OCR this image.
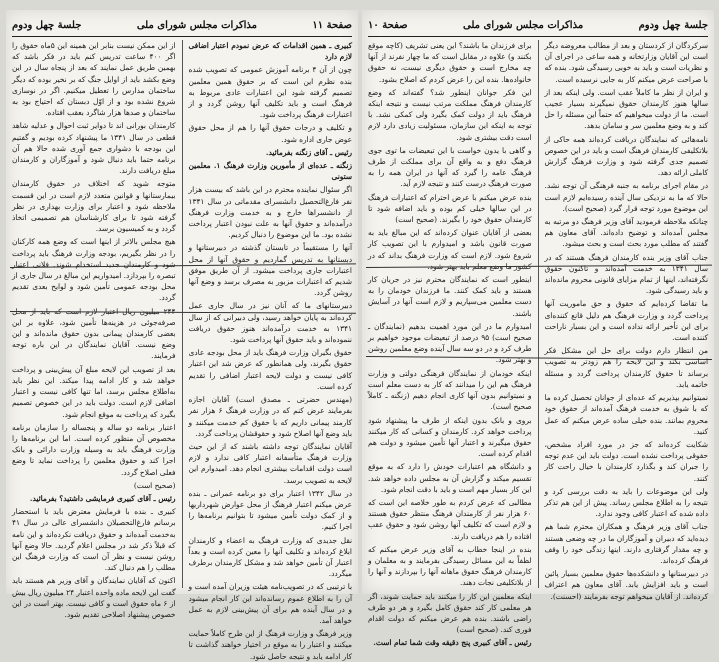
صفحة ۱۱
مذاكرات مجلس شوراى ملى
جلسة چهل ودوم

کبیری ـ همین اقدامات که عرض نمودم اعتبار اضافی لازم دارد

چون از آن ۴ برنامه آموزش عمومی که تصویب شده بنده نظرم این است که بر حقوق همین معلمین تصمیم گرفته شود این اعتبارات عادی مربوط به فرهنگ است و باید تکلیف آنها روشن گردد و از اعتبارات فرهنگ پرداخت شود.

و تکلیف و درجات حقوق آنها را هم از محل حقوق عوض جاری اداره شود.

رئیس ـ آقای زنگنه بفرمائید.

زنگنه ـ عده‌ای از مأمورین وزارت فرهنگ ۱. معلمین ستونی

اگر سئوال نماینده محترم در این باشد که بیست هزار نفر فارغ‌التحصیل دانشسرای مقدماتی در سال ۱۳۴۱ از دانشسراها خارج و به خدمت وزارت فرهنگ درآمده‌اند و حقوق آنها به علت نبودن اعتبار پرداخت نشده بود. ما این موضوع را دنبال کردیم.

آنها را مستقیماً در تابستان گذشته در دبیرستانها و دبستانها به تدریس گماردیم و حقوق آنها از محل اعتبارات جاری پرداخت میشود. از آن طریق موفق شدیم که اعتبارات مزبور به مصرف برسد و وضع آنها روشن گردد.

دبیرستانهای ما که آنان نیز در سال جاری عمل کرده‌اند به پایان خواهد رسید، ولی دبیرانی که از سال ۱۳۴۱ به خدمت درآمده‌اند هنوز حقوق دریافت ننموده‌اند و باید حقوق آنها پرداخت شود.

حقوق بگیران وزارت فرهنگ باید از محل بودجه عادی حقوق بگیرند، ولی همانطور که عرض شد این اعتبار کافی نیست و دولت لایحه اعتبار اضافی را تقدیم کرده است.

(مهندس حضرتی ـ مصدق است) آقایان اجازه بفرمایند عرض کنم که در وزارت فرهنگ ۶ هزار نفر کارمند پیمانی داریم که با حقوق کم خدمت میکنند و باید وضع آنها اصلاح شود و حقوقشان پرداخت گردد.

آقایان نمایندگان توجه داشته باشند که از این حیث وزارت فرهنگ متأسفانه اعتبار کافی ندارد و لازم است دولت اقدامات بیشتری انجام دهد. امیدوارم این لایحه به تصویب برسد.

در سال ۱۳۴۲ اعتبار برای دو برنامه عمرانی ـ بنده عرض میکنم اعتبار فرهنگ از محل عوارض شهرداریها و از کمک دولت تأمین میشود تا بتوانیم برنامه‌ها را اجرا کنیم.

نقل جدیدی که وزارت فرهنگ به اعضاء و کارمندان ابلاغ کرده‌اند و تکلیف آنها را معین کرده است و بعداً اعتبار آن تأمین خواهد شد و مشکل کارمندان برطرف میگردد.

با ترتیبی که در تصویب‌نامه هیئت وزیران آمده است و آن را به اطلاع عموم رسانده‌اند این کار انجام میشود و در سال آینده هم برای آن پیش‌بینی لازم به عمل خواهد آمد.

وزیر فرهنگ و وزارت فرهنگ از این طرح کاملاً حمایت میکنند و اعتبار را به موقع در اختیار خواهند گذاشت تا کار ادامه یابد و نتیجه حاصل شود.

از این ممکن نیست بنابر این همینه این ۵ماه حقوق را اگر ۴۰۰ ساعت تدریس کنم باید در فکر باشد که بهمین طریق عمل نمایند که بعد از پنجاه سال در این وضع بکشد باید از اوایل جنگ که بر نخیر بوده که دیگر ساختمان مدارس را تعطیل میکنیم. اگر در نوسازی شروع نشده بود و از اوّل دبستان که احتیاج بود به ساختمان و صدها هزار شاگرد بعقب افتاده.

کارمندان بورانی اند تا دوایر ثبت احوال و عدلیه شاهد قطعی در سال ۱۳۴۱ ما پیشنهاد کرده بودیم و گفتیم این بودجه با دشواری جمع آوری شده حالا هم آن برنامه حتما باید دنبال شود و آموزگاران و کارمندان مبلغ دریافت دارند.

متوجه شوید که اختلاف در حقوق کارمندان بیمارستانها و قوانین متعدد لازم است در این قسمت ملاحظه شود و اعتبار برای وزارت بهداری در نظر گرفته شود تا برای کارشناسان هم تصمیمی اتخاذ گردد و به کمیسیون برسد.

هیچ مجلس بالاتر از اینها است که وضع همه کارکنان را در نظر بگیریم، بودجه وزارت فرهنگ باید پرداخت شود و کارمندان جدید استخدام شوند. فلانی اعتبار تبصره را بپردازد. امیدواریم این مبالغ در سال جاری از محل بودجه عمومی تأمین شود و لوایح بعدی تقدیم گردد.

۲۴۴ میلیون ریال اعتبار لازم است که باید از محل صرفه‌جوئی در هزینه‌ها تأمین شود، علاوه بر این بعضی کارمندان پیمانی بدون حقوق مانده‌اند و این وضع نیست. آقایان نمایندگان در این باره توجه فرمایند.

بعد از تصویب این لایحه مبلغ آن پیش‌بینی و پرداخت خواهد شد و کار ادامه پیدا میکند. این نظر باید به‌اطلاع مجلس برسد، اما تنها کافی نیست و اعتبار اضافی لازم است. دولت باید در این خصوص تصمیم بگیرد که پرداخت به موقع انجام شود.

اعتبار برنامه دو ساله و پنجساله را سازمان برنامه مخصوص آن منظور کرده است. اما این برنامه‌ها را وزارت فرهنگ باید به وسیله وزارت دارائی و بانک اجرا کند و حقوق معلمین را پرداخت نماید تا وضع فعلی اصلاح گردد.

(صحیح است)

رئیس ـ آقای کبیری فرمایشی داشتید؟ بفرمائید.

کبیری ـ بنده با فرمایش معترض باید با استحضار برسانم فارغ‌التحصیلان دانشسرای عالی در سال ۴۱ به‌خدمت آمده‌اند و حقوق دریافت نکرده‌اند و این نامه که قبلاً ذکر شد در مجلس اعلام گردید. حالا وضع آنها روشن نیست و نظر آن است که وزارت فرهنگ این مطلب را هم دنبال کند.

اکنون که آقایان نمایندگان و آقای وزیر هم هستند باید گفت این لایحه ماده واحده اعتبار ۲۴ میلیون ریال بیش از ۶ ماه حقوق است و کافی نیست. بهتر است در این خصوص پیشنهاد اصلاحی تقدیم شود.

جلسة چهل ودوم
مذاكرات مجلس شوراى ملى
صفحة ۱۰

سرکردگان از کردستان و بعد از مطالب معروضه دیگر است این آقایان وزارتخانه و همه ساعی در اجرای آن و نظریات است و باید به خوبی رسیدگی شود. بنده که با صراحت عرض میکنم کار به جایی نرسیده است.

و ایران از نظر ما کاملاً عقب است. ولی اینکه بعد از سالها هنوز کارمندان حقوق نمیگیرند بسیار عجیب است. ما از دولت میخواهیم که حتماً این مسئله را حل کند و به وضع معلمین سر و سامان بدهد.

نامه‌هائی که نمایندگان دریافت کرده‌اند همه حاکی از بلاتکلیفی کارمندان فرهنگ است و باید در این خصوص تصمیم جدی گرفته شود و وزارت فرهنگ گزارش کاملی ارائه دهد.

در مقام اجرای برنامه به جنبه فرهنگی آن توجه نشد. حالا که ما به نزدیکی سال آینده رسیده‌ایم لازم است این موضوع مورد توجه قرار گیرد (صحیح است).

چنانکه ملاحظه فرمودید آقای وزیر فرهنگ دو مرتبه به مجلس آمده‌اند و توضیح داده‌اند. آقای معاون هم گفتند که مطلب مورد بحث است و بحث میشود.

جناب آقای وزیر بنده کارمندان فرهنگ هستند که در سال ۱۳۴۱ به خدمت آمده‌اند و تاکنون حقوق نگرفته‌اند، اینها از تمام مزایای قانونی محروم مانده‌اند و باید رسیدگی شود.

ما تقاضا کرده‌ایم که حقوق و حق ماموریت آنها پرداخت گردد و وزارت فرهنگ هم دلیل قانع کننده‌ای برای این تأخیر ارائه نداده است و این بسیار ناراحت کننده است.

من انتظار دارم دولت برای حل این مشکل فکر اساسی بکند و این لایحه را هم زودتر به تصویب برساند تا حقوق کارمندان پرداخت گردد و مسئله خاتمه یابد.

نمیتوانیم بپذیریم که عده‌ای از جوانان تحصیل کرده ما که با شوق به خدمت فرهنگ آمده‌اند از حقوق خود محروم بمانند. بنده خیلی ساده عرض میکنم که عمل کنید.

شکایت کرده‌اند که جز در مورد افراد مشخص، حقوقی پرداخت نشده است. دولت باید این عدم توجه را جبران کند و بگذارد کارمندان با خیال راحت کار کنند.

ولی این موضوعات را باید به دقت بررسی کرد و نتیجه را به اطلاع مجلس رساند. پیش از این هم تذکر داده شده که اعتبار کافی وجود ندارد.

جناب آقای وزیر فرهنگ و همکاران محترم شما هم دیده‌اید که دبیران و آموزگاران ما در چه وضعی هستند و چه مقدار گرفتاری دارند. اینها زندگی خود را وقف فرهنگ کرده‌اند.

در دبیرستانها و دانشکده‌ها حقوق معلمین بسیار پائین است و باید افزایش یابد. آقای معاون هم اعتراف کرده‌اند. از آقایان میخواهم توجه بفرمایند (احسنت).

برای فرزندان ما باشند؟ این یعنی تشریف (کاچه موقع بکنند و) علاوه در مقابل است که ما چهار نفرند از آنها چه مخارج است و حقوق دیگری نیست، نه حقوق خانواده‌ها. بنده این را عرض کردم که اصلاح بشود.

این فکر جوانان اینطور شد؟ گفته‌اند که وضع کارمندان فرهنگ مملکت مرتب نیست و نتیجه اینکه فرهنگ باید از دولت کمک بگیرد ولی کمکی نشد. با توجه به اینکه این سازمان، مسئولیت زیادی دارد لازم است دقت بیشتری شود.

و گاهی با یدون خواست با این تبعیضات ما توی جوی فرهنگ دفع و به واقع آن برای مملکت از طرف فرهنگ عامه را گیرد که آنها در ایران همه را به صورت فرهنگ درست کنند و نتیجه لازم آید.

بنده عرض میکنم با عرض احترام که اعتبارات فرهنگ در این سالها خیلی کم بوده و باید اضافه شود تا کارمندان حقوق خود را بگیرند. (صحیح است)

بعضی از آقایان عنوان کرده‌اند که این مبالغ باید به صورت قانون باشد و امیدوارم با این تصویب کار شروع شود. لازم است که وزارت فرهنگ بداند که در کشور ما وضع معلم باید بهتر شود.

اینطور است که نمایندگان محترم نیز در جریان کار هستند و باید کمک کنند. ما فرزندان خودمان را به دست معلمین می‌سپاریم و لازم است آنها در آسایش باشند.

امیدوارم ما در این مورد اهمیت بدهیم (نمایندگان ـ صحیح است) ۹۵ درصد از تبعیضات موجود خواهیم بر طرف کرد و در دو سه سال آینده وضع معلمین روشن و بهتر شود.

اینکه خودمان از نمایندگان فرهنگی دولتی و وزارت فرهنگ هم این را میدانند که کار به دست معلم است و نمیتوانیم بدون آنها کاری انجام دهیم (زنگنه ـ کاملاً صحیح است).

بروی و بانک بدون اینکه از طرف ما پیشنهاد شود پرداخت خواهد کرد. کارمندان و کسانی که کار میکنند حقوق میگیرند و اعتبار آنها تأمین میشود و دولت هم اقدام کرده است.

و دانشگاه هم اعتبارات خودش را دارد که به موقع تقسیم میکند و گزارش آن به مجلس داده خواهد شد. این کار بسیار مهم است و باید با دقت انجام شود.

مطالبی که عرض کردم به طور خلاصه این است که ۶۰ هزار نفر از کارمندان فرهنگ منتظر حقوق هستند و لازم است که تکلیف آنها روشن شود و حقوق عقب افتاده را هم دریافت دارند.

بنده در اینجا خطاب به آقای وزیر عرض میکنم که لطفاً به این مسائل رسیدگی بفرمایند و به معلمان و کارمندان فرهنگ حقوق ماهانه آنها را بپردازند و آنها را از بلاتکلیفی نجات دهند.

اینکه معلمین این کار را میکنند باید حمایت شوند، اگر هر معلمی کار کند حقوق کامل بگیرد و هر دو طرف راضی باشند. بنده هم عرض میکنم که دولت اقدام فوری کند. (صحیح است)

رئیس ـ آقای کبیری پنج دقیقه وقت شما تمام است.
